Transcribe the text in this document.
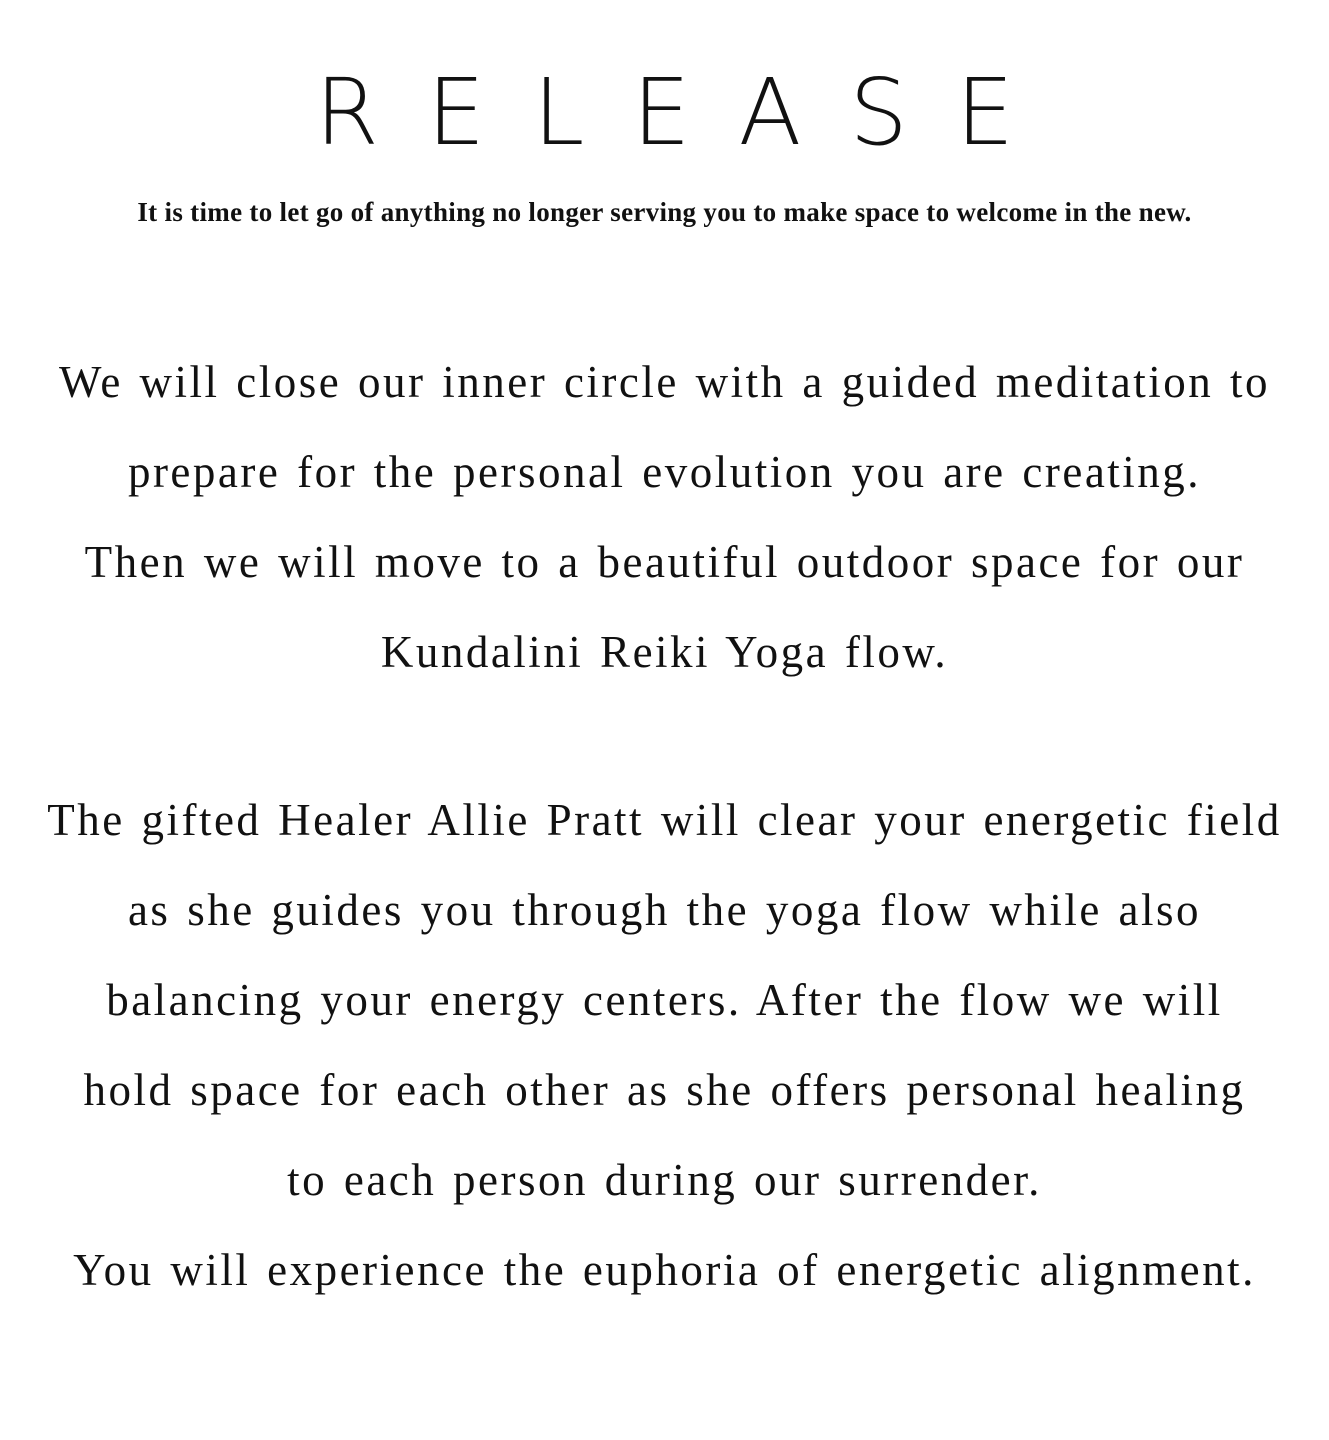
RELEASE
It is time to let go of anything no longer serving you to make space to welcome in the new.
We will close our inner circle with a guided meditation to
prepare for the personal evolution you are creating.
Then we will move to a beautiful outdoor space for our
Kundalini Reiki Yoga flow.
The gifted Healer Allie Pratt will clear your energetic field
as she guides you through the yoga flow while also
balancing your energy centers. After the flow we will
hold space for each other as she offers personal healing
to each person during our surrender.
You will experience the euphoria of energetic alignment.
